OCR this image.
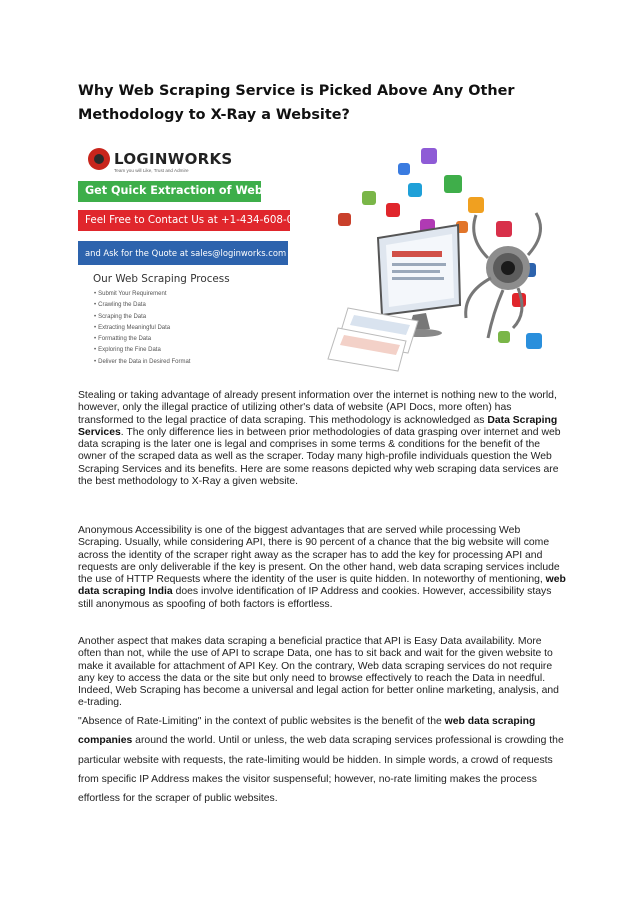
Why Web Scraping Service is Picked Above Any Other Methodology to X-Ray a Website?
LOGINWORKS
Team you will Like, Trust and Admire
Get Quick Extraction of Web Data
Feel Free to Contact Us at +1-434-608-0184
and Ask for the Quote at sales@loginworks.com
Our Web Scraping Process
• Submit Your Requirement
• Crawling the Data
• Scraping the Data
• Extracting Meaningful Data
• Formatting the Data
• Exploring the Fine Data
• Deliver the Data in Desired Format

Stealing or taking advantage of already present information over the internet is nothing new to the world, however, only the illegal practice of utilizing other's data of website (API Docs, more often) has transformed to the legal practice of data scraping. This methodology is acknowledged as Data Scraping Services. The only difference lies in between prior methodologies of data grasping over internet and web data scraping is the later one is legal and comprises in some terms & conditions for the benefit of the owner of the scraped data as well as the scraper. Today many high-profile individuals question the Web Scraping Services and its benefits. Here are some reasons depicted why web scraping data services are the best methodology to X-Ray a given website.

Anonymous Accessibility is one of the biggest advantages that are served while processing Web Scraping. Usually, while considering API, there is 90 percent of a chance that the big website will come across the identity of the scraper right away as the scraper has to add the key for processing API and requests are only deliverable if the key is present. On the other hand, web data scraping services include the use of HTTP Requests where the identity of the user is quite hidden. In noteworthy of mentioning, web data scraping India does involve identification of IP Address and cookies. However, accessibility stays still anonymous as spoofing of both factors is effortless.

Another aspect that makes data scraping a beneficial practice that API is Easy Data availability. More often than not, while the use of API to scrape Data, one has to sit back and wait for the given website to make it available for attachment of API Key. On the contrary, Web data scraping services do not require any key to access the data or the site but only need to browse effectively to reach the Data in needful. Indeed, Web Scraping has become a universal and legal action for better online marketing, analysis, and e-trading.

"Absence of Rate-Limiting" in the context of public websites is the benefit of the web data scraping companies around the world. Until or unless, the web data scraping services professional is crowding the particular website with requests, the rate-limiting would be hidden. In simple words, a crowd of requests from specific IP Address makes the visitor suspenseful; however, no-rate limiting makes the process effortless for the scraper of public websites.
